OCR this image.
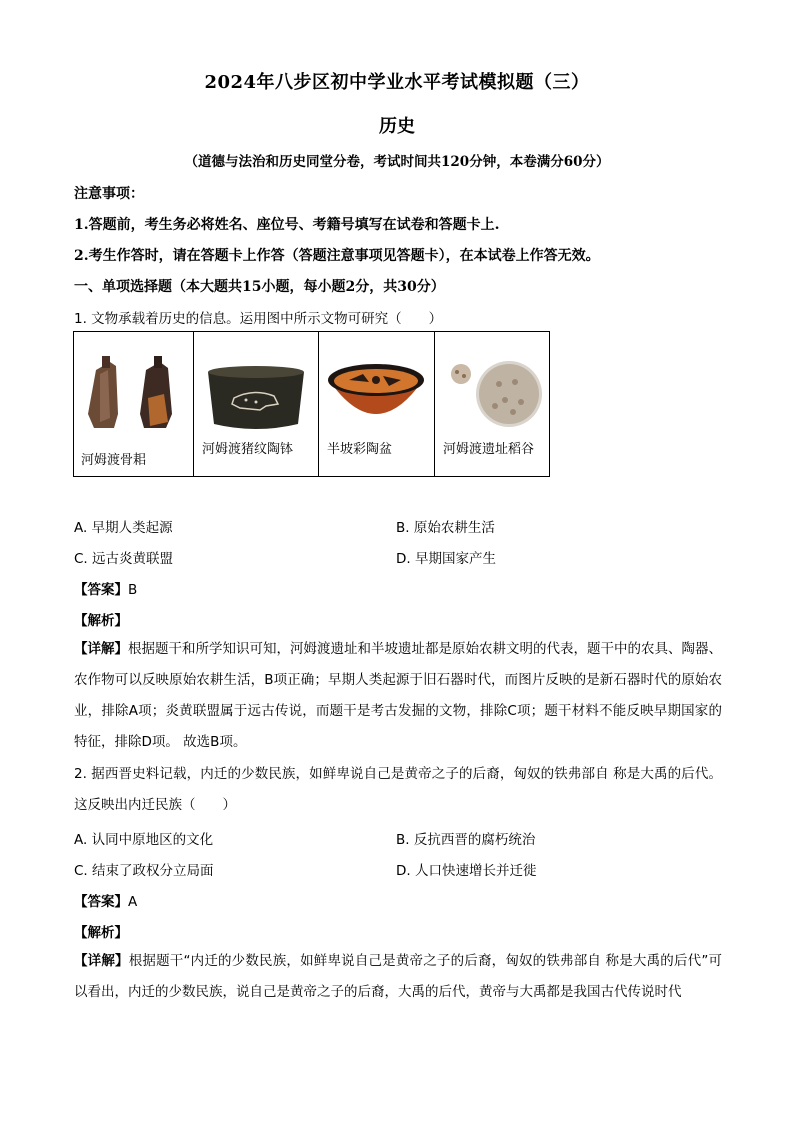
2024年八步区初中学业水平考试模拟题（三）
历史
（道德与法治和历史同堂分卷，考试时间共120分钟，本卷满分60分）
注意事项：
1.答题前，考生务必将姓名、座位号、考籍号填写在试卷和答题卡上.
2.考生作答时，请在答题卡上作答（答题注意事项见答题卡），在本试卷上作答无效。
一、单项选择题（本大题共15小题，每小题2分，共30分）
1. 文物承载着历史的信息。运用图中所示文物可研究（　　）
河姆渡骨耜

河姆渡猪纹陶钵	半坡彩陶盆	河姆渡遗址稻谷
A. 早期人类起源	B. 原始农耕生活
C. 远古炎黄联盟	D. 早期国家产生
【答案】B
【解析】
【详解】根据题干和所学知识可知，河姆渡遗址和半坡遗址都是原始农耕文明的代表，题干中的农具、陶器、农作物可以反映原始农耕生活，B项正确；早期人类起源于旧石器时代，而图片反映的是新石器时代的原始农业，排除A项；炎黄联盟属于远古传说，而题干是考古发掘的文物，排除C项；题干材料不能反映早期国家的特征，排除D项。 故选B项。
2. 据西晋史料记载，内迁的少数民族，如鲜卑说自己是黄帝之子的后裔，匈奴的铁弗部自 称是大禹的后代。这反映出内迁民族（　　）
A. 认同中原地区的文化	B. 反抗西晋的腐朽统治
C. 结束了政权分立局面	D. 人口快速增长并迁徙
【答案】A
【解析】
【详解】根据题干“内迁的少数民族，如鲜卑说自己是黄帝之子的后裔，匈奴的铁弗部自 称是大禹的后代”可以看出，内迁的少数民族，说自己是黄帝之子的后裔，大禹的后代，黄帝与大禹都是我国古代传说时代
